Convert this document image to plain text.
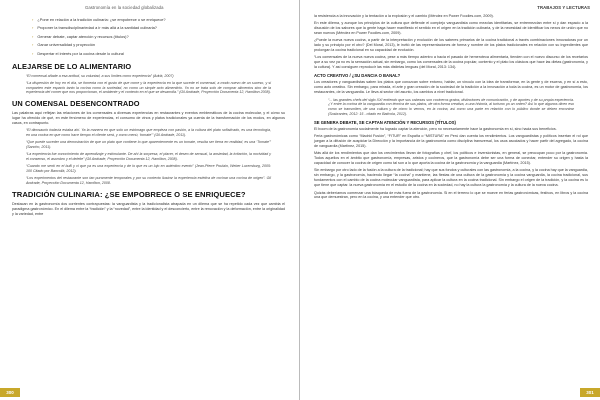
Gastronomía en la sociedad globalizada
› ¿Pone en relación a la tradición culinaria: ¿se empobrece o se enriquece?
› Proponer la transdisciplinariedad a ir más allá a la santidad culinaria?
› Generar debate, captar atención y recursos (títulos)?
› Ganar universalidad y proyección
› Despertar el interés por la cocina desde lo cultural
ALEJARSE DE LO ALIMENTARIO

“El comensal añade a esa actitud, su voluntad, a sus límites como experiencia” (Adriá, 2007)

“La dispersión de hoy en el día, se fomenta con el gusto de que come y la experiencia en la que sucede el comensal, a modo nuevo de un suceso, y si comparten este espacio tanto la cocina como la sociedad, no como un simple acto alimenticio. Ya no se trata solo de comprar alimentos sino de la experiencia del comer que nos proporcionan, el ambiente y el contexto en el que se desarrolla.” (Gil Andrade, Proyección Documenta 12, Hamilton 2008).

UN COMENSAL DESENCONTRADO

Las palabras aquí reflejan las relaciones de los comensales a diversas experiencias en restaurantes y eventos emblemáticos de la cocina molecular, y el cómo su lugar ha ofrecido de qué, en este fenómeno de experiencias, el consumo de vinos y platos tradicionales ya cuenta de la transformación de los modos, en algunos casos, en contrapunto.

“El dinosaurio todavía estaba ahí. Ya la manera en que solo un estómago que empieza con pasión, a la cultura del plato sofisticado, es una tecnología, en una cocina en que como hace tiempo el cliente será, y como menú, ‘tomate’” (Gil Andrade, 2011).

“Que puede suceder una demostración de que un plato que contiene lo que aparentemente es un tomate, resulta ser tierra en realidad, es una ‘Tomate’” (Sancho, 2011).

“La experiencia fue conocimiento de aprendizaje y estimulante. De ahí la sorpresa, el placer, el deseo de sensual, la ansiedad, la irritación, la nocividad y el consenso, el asombro y el deleite” (Gil Andrade, Proyección Documenta 12, Hamilton, 2008).

“Cuando me sentí en el bulli y vi que ya es una experiencia y de lo que es un lujo en auténtico evento” (Jean-Pierre Poulain, Weber Luxemburg, 2005: 100 Citado por Bancollá, 2012).

“Los experimentos del restaurante son tan puramente temporales y por su contexto ilustrar la experiencia estética de cocinar una cocina de origen”. Gil Andrade, Proyección Documenta 12, Hamilton, 2008.

TRADICIÓN CULINARIA: ¿SE EMPOBRECE O SE ENRIQUECE?

Destacan en la gastronomía dos corrientes contrapuestas: la vanguardista y la tradicionalista atrapada en un dilema que se ha repetido cada vez que cambia el paradigma gastronómico. En el dilema entre la “tradición” y la “novedad”, entre la identidad y el desconcierto, entre la renovación y la deformación, entre la originalidad y la variedad, entre

300
TRABAJOS Y LECTURAS

la resistencia a la innovación y la tentación a la explosión y el cambio (Méndez en Power Foodies.com, 2009).

En este dilema, y aunque los principios de la cultura que defiende el complejo vanguardista como mezclas identitarias, se entremezclan entre sí y dan espacio a la discusión de los sabores que la gente haga hacer manifiesto el sentido en el origen en la tradición culinaria, y de la necesidad de identificar los nexos de unión que no sean nuevos (Méndez en Power Foodies.com, 2009).

¿Puede la nueva nueva cocina, a partir de la interpretación y evolución de los saberes primarios de la cocina tradicional a través combinaciones innovadoras por un lado y su principio por el otro? (Del Moral, 2013), le invitó de las representaciones de forma y nombre de los platos tradicionales en relación con su ingredientes que prolongan la cocina tradicional en su capacidad de evolución.

“Los comensales de la nueva nueva cocina, pese a más tiempo adentro a hacia el pasado de hemeroteca alimentaria, tienden con el nuevo discurso de los recetarios que a su vez ya no es la sensación actual, sin embargo, como los comensales de la cocina popular, contento y el plato los clásicos que hace las dietas (gastronomía, y la cultura). Y así consiguen reproducir las más distintas lenguas (del Moral, 2013: 134).

ACTO CREATIVO / ¿SU DANCIA O BANAL?

Los creadores y vanguardistas saben los platos que conozcan sobre entorno, hablar, un vínculo con la idea de transformar, en la gente y de escena, y en sí a esto, como acto creativo. Sin embargo, para mirada, el arte y gran creación de la sociedad de la tradición a la innovación a toda la cocina, es un motor de gastronomía, los restaurantes, de la vanguardia. Le lleva al sector del asunto, los cambios a nivel tradicional.

“... las grandes chefs del siglo XXI entiendo que sus cabezas son cocineros gratos, distinciones de comunicación, y de aportes y de su propia experiencia. ¿Y entre la cocina de la vanguardia con técnica de sus platos, de otra forma creativa, a una historia, al turismo ya un orden? Así lo que algunos dicen eso como se transmiten, de una cultura y de cómo lo vemos, en la cocina, así como una parte en relación con lo público donde se deben encontrar (Sosbrantes, 2012: 15 - citado en Baticola, 2012).

SE GENERA DEBATE, SE CAPTAN ATENCIÓN Y RECURSOS (TÍTULOS)

El boom de la gastronomía socialmente ha logrado captar la atención, pero no necesariamente hace la gastronomía en sí, sino hacia sus beneficios.

Feria gastronómicas como “Madrid Fusión”, “FITUR” en España o “MISTURA” en Perú dan cuenta los rendimientos. Los vanguardistas y políticos insertan el rol que juegan a la difusión de auspiciar la Dirección y la importancia de la gastronomía como disciplina transversal, los usos asociados y hacer partir del agregado, la cocina de vanguardia (Martínez, 2015).

Más allá de los rendimientos que dan los crecimientos llevan de fotografías y chef, los políticos e inversionistas, en general, se preocupan poco por la gastronomía. Todos aquellos en el ámbito que gastronomía, empresas, aristos y cocineros, que la gastronomía debe ser una forma de conectar, entender su origen y hasta la capacidad de conocer la cocina de origen como tal son a lo que aporta la cocina de la gastronomía y la vanguardia (Martínez, 2015).

Sin embargo por otro lado de la fusión a la cultura de la tradicional; hay que sus fondos y culturales con las gastronomía, a la cocina, y la cocina hay que la vanguardia, sin embargo, y la gastronomía, haciendo llegar “la cocina” y mantiene, las fiestas de una cultura de la gastronomía y la cocina vanguardia, la cocina tradicional, sus fundamentos con el cambio de la cocina molecular vanguardista, para aplicar la cultura en la cocina tradicional. Sin embargo el origen de la tradición, y la cocina es lo que tiene que captar. la nueva gastronomía en el estudio de la cocina en la sociedad, no hay la cultura la gastronomía y la cultura de la nueva cocina.

Quizás deberíamos comenzar una búsqueda de más fuera de la gastronomía. Si en el terreno lo que se mueve en ferias gastronómicas, festivos, en libros y la cocina una que demuestran, pero en la cocina, y una entender que otro.

301
